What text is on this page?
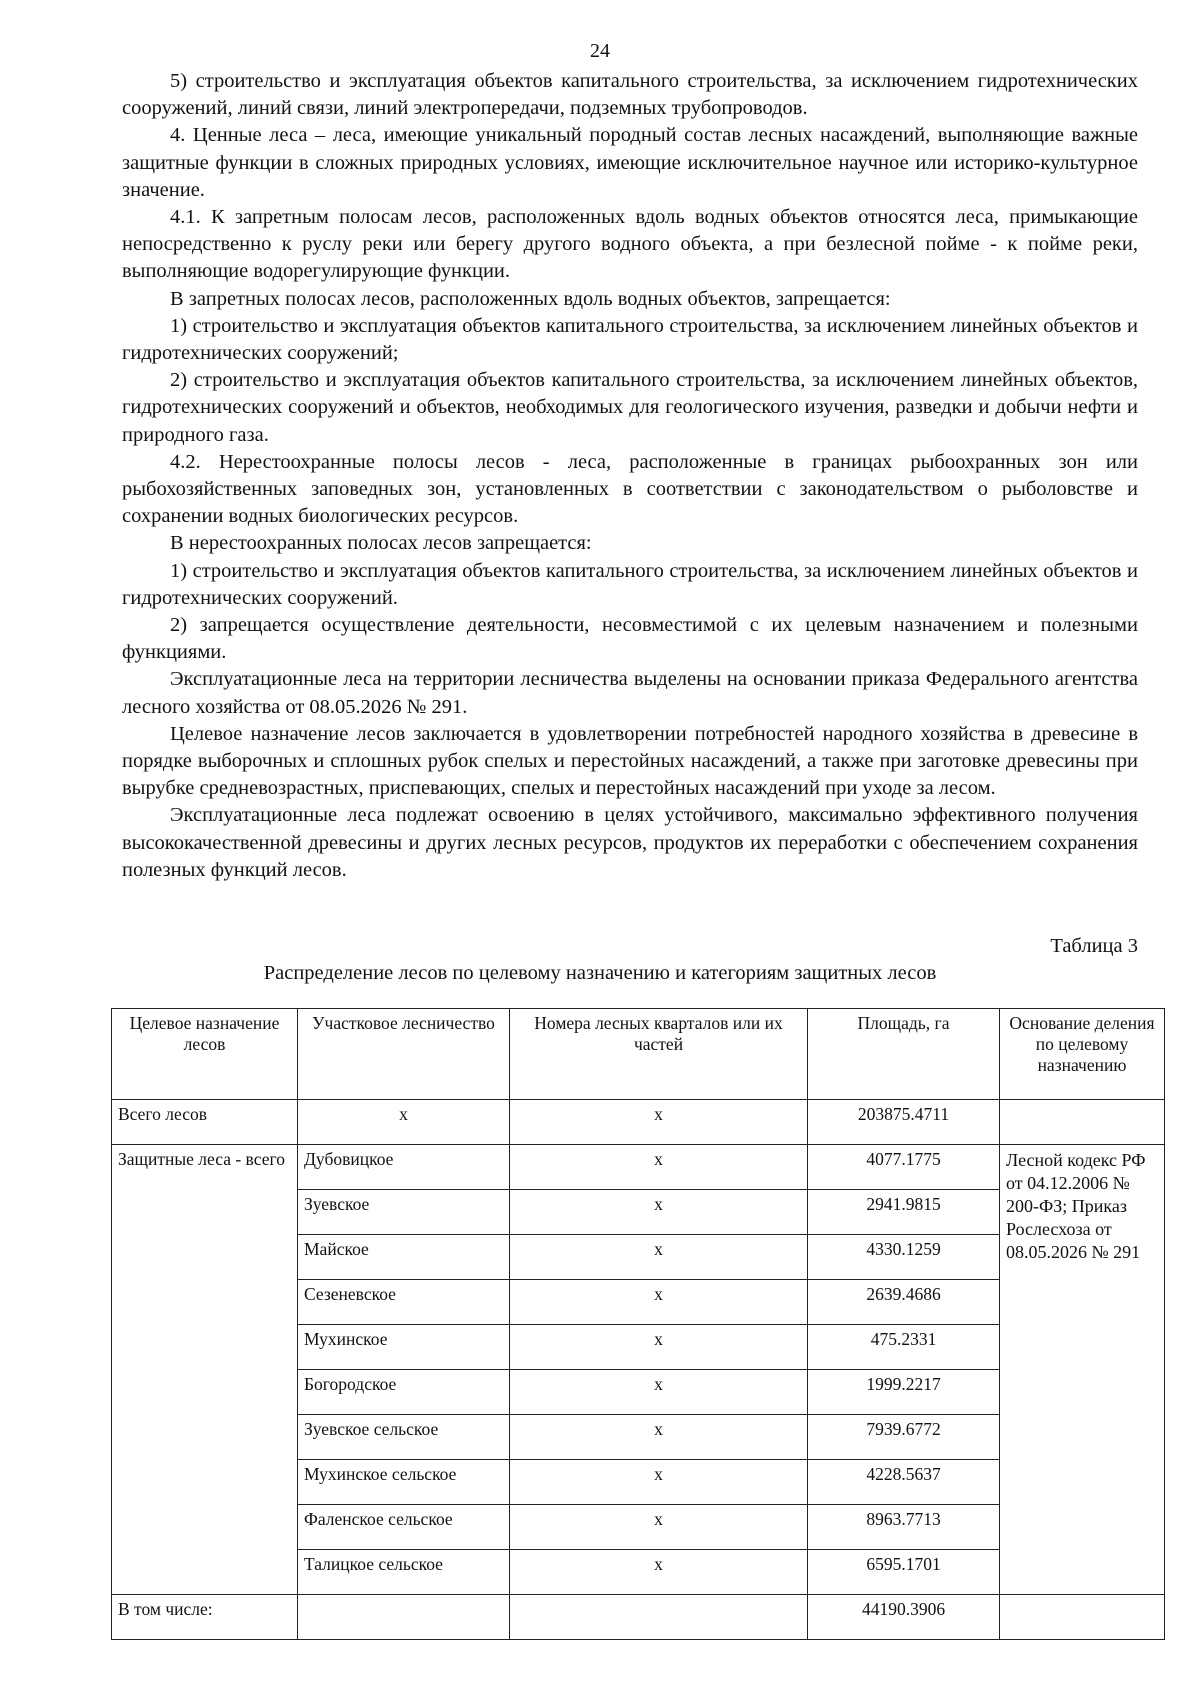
24

5) строительство и эксплуатация объектов капитального строительства, за исключением гидротехнических сооружений, линий связи, линий электропередачи, подземных трубопроводов.

4. Ценные леса – леса, имеющие уникальный породный состав лесных насаждений, выполняющие важные защитные функции в сложных природных условиях, имеющие исключительное научное или историко-культурное значение.

4.1. К запретным полосам лесов, расположенных вдоль водных объектов относятся леса, примыкающие непосредственно к руслу реки или берегу другого водного объекта, а при безлесной пойме - к пойме реки, выполняющие водорегулирующие функции.

В запретных полосах лесов, расположенных вдоль водных объектов, запрещается:

1) строительство и эксплуатация объектов капитального строительства, за исключением линейных объектов и гидротехнических сооружений;

2) строительство и эксплуатация объектов капитального строительства, за исключением линейных объектов, гидротехнических сооружений и объектов, необходимых для геологического изучения, разведки и добычи нефти и природного газа.

4.2. Нерестоохранные полосы лесов - леса, расположенные в границах рыбоохранных зон или рыбохозяйственных заповедных зон, установленных в соответствии с законодательством о рыболовстве и сохранении водных биологических ресурсов.

В нерестоохранных полосах лесов запрещается:

1) строительство и эксплуатация объектов капитального строительства, за исключением линейных объектов и гидротехнических сооружений.

2) запрещается осуществление деятельности, несовместимой с их целевым назначением и полезными функциями.

Эксплуатационные леса на территории лесничества выделены на основании приказа Федерального агентства лесного хозяйства от 08.05.2026 № 291.

Целевое назначение лесов заключается в удовлетворении потребностей народного хозяйства в древесине в порядке выборочных и сплошных рубок спелых и перестойных насаждений, а также при заготовке древесины при вырубке средневозрастных, приспевающих, спелых и перестойных насаждений при уходе за лесом.

Эксплуатационные леса подлежат освоению в целях устойчивого, максимально эффективного получения высококачественной древесины и других лесных ресурсов, продуктов их переработки с обеспечением сохранения полезных функций лесов.

Таблица 3
Распределение лесов по целевому назначению и категориям защитных лесов
Целевое назначение лесов	Участковое лесничество	Номера лесных кварталов или их частей	Площадь, га	Основание деления по целевому назначению
Всего лесов	х	х	203875.4711	
Защитные леса - всего	Дубовицкое	х	4077.1775	Лесной кодекс РФ от 04.12.2006 № 200-ФЗ; Приказ Рослесхоза от 08.05.2026 № 291
	Зуевское	х	2941.9815	
	Майское	х	4330.1259	
	Сезеневское	х	2639.4686	
	Мухинское	х	475.2331	
	Богородское	х	1999.2217	
	Зуевское сельское	х	7939.6772	
	Мухинское сельское	х	4228.5637	
	Фаленское сельское	х	8963.7713	
	Талицкое сельское	х	6595.1701	
В том числе:			44190.3906	
